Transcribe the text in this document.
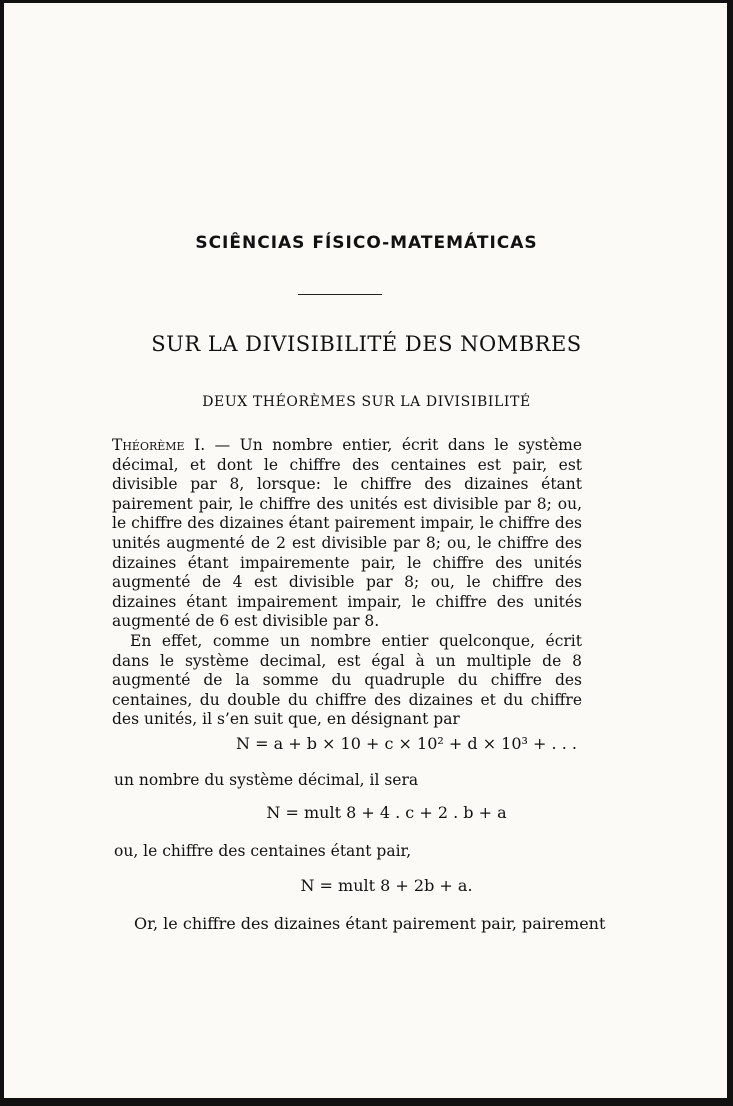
SCIÊNCIAS FÍSICO-MATEMÁTICAS
SUR LA DIVISIBILITÉ DES NOMBRES
DEUX THÉORÈMES SUR LA DIVISIBILITÉ

Théorème I. — Un nombre entier, écrit dans le système décimal, et dont le chiffre des centaines est pair, est divisible par 8, lorsque: le chiffre des dizaines étant pairement pair, le chiffre des unités est divisible par 8; ou, le chiffre des dizaines étant pairement impair, le chiffre des unités augmenté de 2 est divisible par 8; ou, le chiffre des dizaines étant impairemente pair, le chiffre des unités augmenté de 4 est divisible par 8; ou, le chiffre des dizaines étant impairement impair, le chiffre des unités augmenté de 6 est divisible par 8.

En effet, comme un nombre entier quelconque, écrit dans le système decimal, est égal à un multiple de 8 augmenté de la somme du quadruple du chiffre des centaines, du double du chiffre des dizaines et du chiffre des unités, il s’en suit que, en désignant par

N = a + b × 10 + c × 10² + d × 10³ + . . .
un nombre du système décimal, il sera
N = mult 8 + 4 . c + 2 . b + a
ou, le chiffre des centaines étant pair,
N = mult 8 + 2b + a.
Or, le chiffre des dizaines étant pairement pair, pairement
